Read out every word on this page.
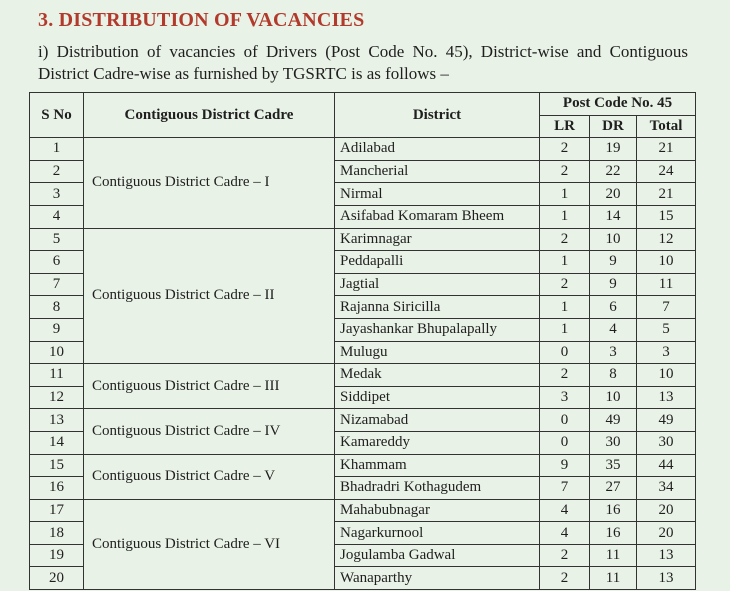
3. DISTRIBUTION OF VACANCIES
i) Distribution of vacancies of Drivers (Post Code No. 45), District-wise and Contiguous District Cadre-wise as furnished by TGSRTC is as follows –
S No	Contiguous District Cadre	District	Post Code No. 45		
			LR	DR	Total
1	Contiguous District Cadre – I	Adilabad	2	19	21
2		Mancherial	2	22	24
3		Nirmal	1	20	21
4		Asifabad Komaram Bheem	1	14	15
5	Contiguous District Cadre – II	Karimnagar	2	10	12
6		Peddapalli	1	9	10
7		Jagtial	2	9	11
8		Rajanna Siricilla	1	6	7
9		Jayashankar Bhupalapally	1	4	5
10		Mulugu	0	3	3
11	Contiguous District Cadre – III	Medak	2	8	10
12		Siddipet	3	10	13
13	Contiguous District Cadre – IV	Nizamabad	0	49	49
14		Kamareddy	0	30	30
15	Contiguous District Cadre – V	Khammam	9	35	44
16		Bhadradri Kothagudem	7	27	34
17	Contiguous District Cadre – VI	Mahabubnagar	4	16	20
18		Nagarkurnool	4	16	20
19		Jogulamba Gadwal	2	11	13
20		Wanaparthy	2	11	13
